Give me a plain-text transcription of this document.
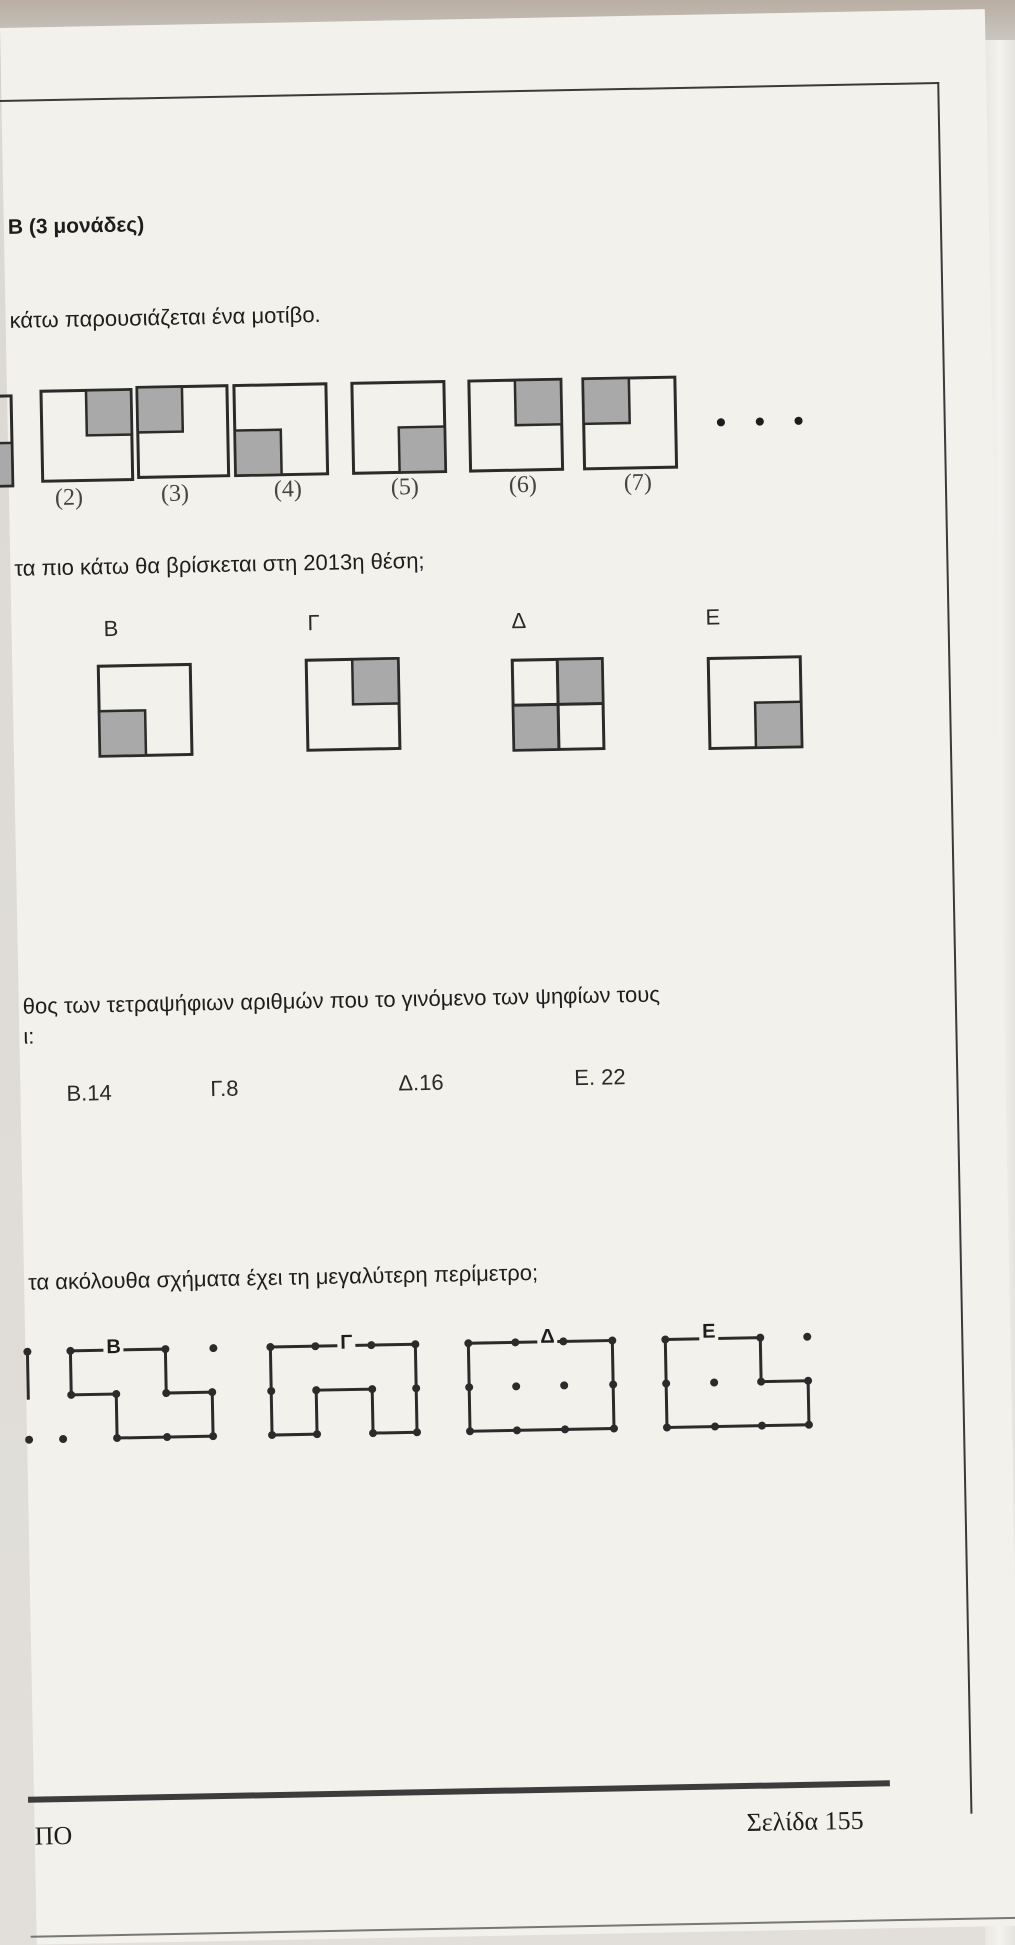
Β (3 μονάδες)
κάτω παρουσιάζεται ένα μοτίβο.
(2)	(3)	(4)	(5)	(6)	(7)
• • •
τα πιο κάτω θα βρίσκεται στη 2013η θέση;
Β	Γ	Δ	Ε
θος των τετραψήφιων αριθμών που το γινόμενο των ψηφίων τους
ι:
Β.14	Γ.8	Δ.16	Ε. 22
τα ακόλουθα σχήματα έχει τη μεγαλύτερη περίμετρο;
Β	Γ	Δ	Ε
ΠΟ	Σελίδα 155
